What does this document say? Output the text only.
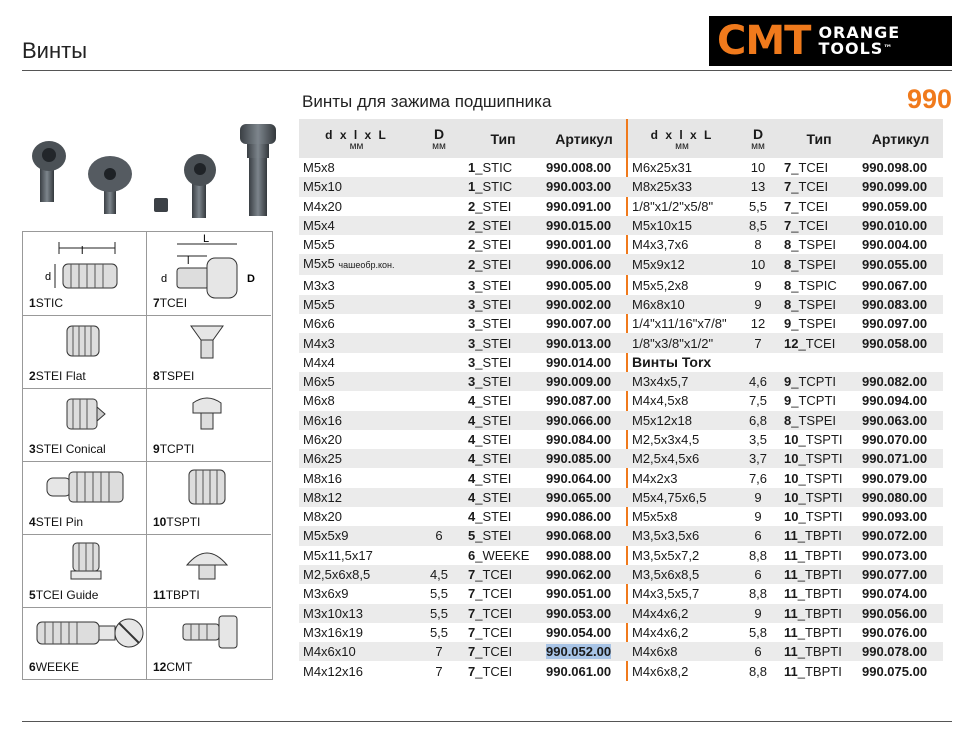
Винты	CMT ORANGE
TOOLS™
Винты для зажима подшипника	990
l
d
1STIC
L
l
D
d
7TCEI
2STEI Flat	8TSPEI
3STEI Conical	9TCPTI
4STEI Pin	10TSPTI
5TCEI Guide	11TBPTI
6WEEKE	12CMT
d x l x L
мм	D
мм	Тип	Артикул		d x l x L
мм	D
мм	Тип	Артикул
M5x8		1_STIC	990.008.00		M6x25x31	10	7_TCEI	990.098.00
M5x10		1_STIC	990.003.00		M8x25x33	13	7_TCEI	990.099.00
M4x20		2_STEI	990.091.00		1/8"x1/2"x5/8"	5,5	7_TCEI	990.059.00
M5x4		2_STEI	990.015.00		M5x10x15	8,5	7_TCEI	990.010.00
M5x5		2_STEI	990.001.00		M4x3,7x6	8	8_TSPEI	990.004.00
M5x5 чашеобр.кон.		2_STEI	990.006.00		M5x9x12	10	8_TSPEI	990.055.00
M3x3		3_STEI	990.005.00		M5x5,2x8	9	8_TSPIC	990.067.00
M5x5		3_STEI	990.002.00		M6x8x10	9	8_TSPEI	990.083.00
M6x6		3_STEI	990.007.00		1/4"x11/16"x7/8"	12	9_TSPEI	990.097.00
M4x3		3_STEI	990.013.00		1/8"x3/8"x1/2"	7	12_TCEI	990.058.00
M4x4		3_STEI	990.014.00		Винты Torx			
M6x5		3_STEI	990.009.00		M3x4x5,7	4,6	9_TCPTI	990.082.00
M6x8		4_STEI	990.087.00		M4x4,5x8	7,5	9_TCPTI	990.094.00
M6x16		4_STEI	990.066.00		M5x12x18	6,8	8_TSPEI	990.063.00
M6x20		4_STEI	990.084.00		M2,5x3x4,5	3,5	10_TSPTI	990.070.00
M6x25		4_STEI	990.085.00		M2,5x4,5x6	3,7	10_TSPTI	990.071.00
M8x16		4_STEI	990.064.00		M4x2x3	7,6	10_TSPTI	990.079.00
M8x12		4_STEI	990.065.00		M5x4,75x6,5	9	10_TSPTI	990.080.00
M8x20		4_STEI	990.086.00		M5x5x8	9	10_TSPTI	990.093.00
M5x5x9	6	5_STEI	990.068.00		M3,5x3,5x6	6	11_TBPTI	990.072.00
M5x11,5x17		6_WEEKE	990.088.00		M3,5x5x7,2	8,8	11_TBPTI	990.073.00
M2,5x6x8,5	4,5	7_TCEI	990.062.00		M3,5x6x8,5	6	11_TBPTI	990.077.00
M3x6x9	5,5	7_TCEI	990.051.00		M4x3,5x5,7	8,8	11_TBPTI	990.074.00
M3x10x13	5,5	7_TCEI	990.053.00		M4x4x6,2	9	11_TBPTI	990.056.00
M3x16x19	5,5	7_TCEI	990.054.00		M4x4x6,2	5,8	11_TBPTI	990.076.00
M4x6x10	7	7_TCEI	990.052.00		M4x6x8	6	11_TBPTI	990.078.00
M4x12x16	7	7_TCEI	990.061.00		M4x6x8,2	8,8	11_TBPTI	990.075.00
